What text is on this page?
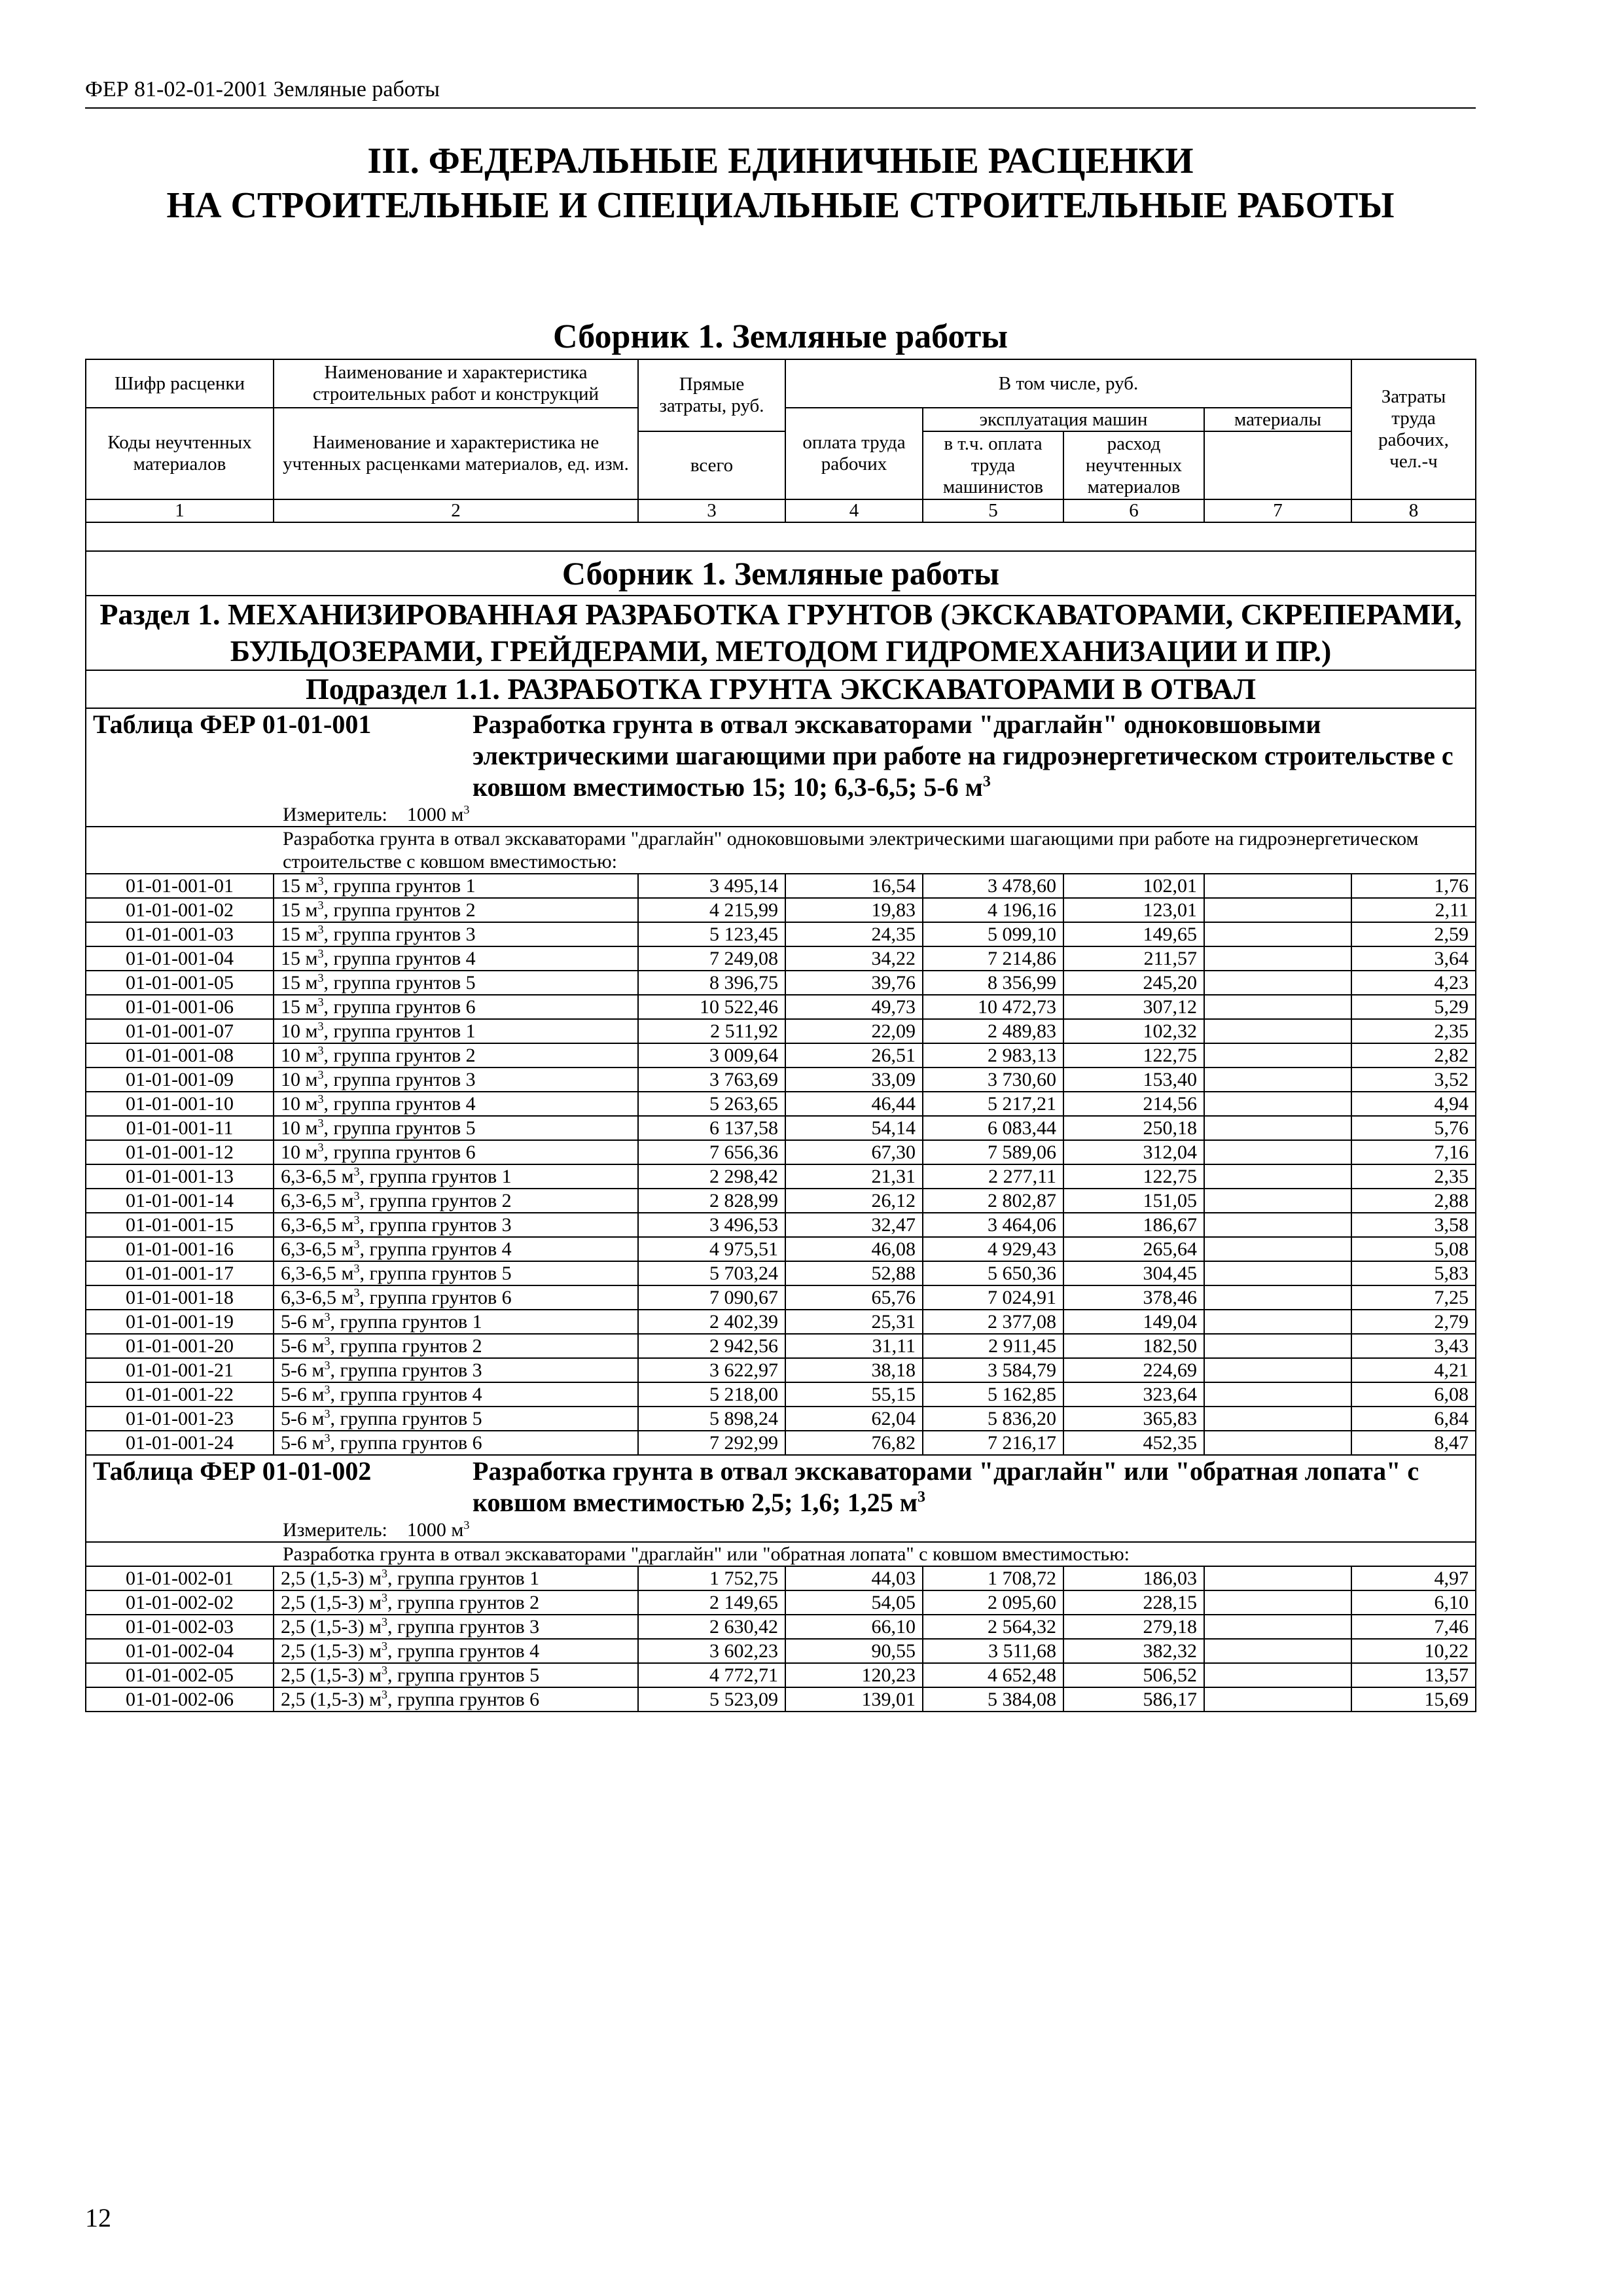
ФЕР 81-02-01-2001 Земляные работы
III. ФЕДЕРАЛЬНЫЕ ЕДИНИЧНЫЕ РАСЦЕНКИ
НА СТРОИТЕЛЬНЫЕ И СПЕЦИАЛЬНЫЕ СТРОИТЕЛЬНЫЕ РАБОТЫ
Сборник 1. Земляные работы
Шифр расценки	Наименование и характеристика строительных работ и конструкций	Прямые затраты, руб.	В том числе, руб.				Затраты труда рабочих, чел.-ч
Коды неучтенных материалов	Наименование и характеристика не учтенных расценками материалов, ед. изм.						
			оплата труда рабочих	эксплуатация машин		материалы	
		всего		в т.ч. оплата труда машинистов	расход неучтенных материалов		
1	2	3	4	5	6	7	8

Сборник 1. Земляные работы							
Раздел 1. МЕХАНИЗИРОВАННАЯ РАЗРАБОТКА ГРУНТОВ (ЭКСКАВАТОРАМИ, СКРЕПЕРАМИ, БУЛЬДОЗЕРАМИ, ГРЕЙДЕРАМИ, МЕТОДОМ ГИДРОМЕХАНИЗАЦИИ И ПР.)							
Подраздел 1.1. РАЗРАБОТКА ГРУНТА ЭКСКАВАТОРАМИ В ОТВАЛ							
Таблица ФЕР 01-01-001 Разработка грунта в отвал экскаваторами "драглайн" одноковшовыми электрическими шагающими при работе на гидроэнергетическом строительстве с ковшом вместимостью 15; 10; 6,3-6,5; 5-6 $м^3$
Измеритель: 1000 $м^3$
Разработка грунта в отвал экскаваторами "драглайн" одноковшовыми электрическими шагающими при работе на гидроэнергетическом строительстве с ковшом вместимостью:							
01-01-001-01	15 $м^3$, группа грунтов 1	3 495,14	16,54	3 478,60	102,01		1,76
01-01-001-02	15 $м^3$, группа грунтов 2	4 215,99	19,83	4 196,16	123,01		2,11
01-01-001-03	15 $м^3$, группа грунтов 3	5 123,45	24,35	5 099,10	149,65		2,59
01-01-001-04	15 $м^3$, группа грунтов 4	7 249,08	34,22	7 214,86	211,57		3,64
01-01-001-05	15 $м^3$, группа грунтов 5	8 396,75	39,76	8 356,99	245,20		4,23
01-01-001-06	15 $м^3$, группа грунтов 6	10 522,46	49,73	10 472,73	307,12		5,29
01-01-001-07	10 $м^3$, группа грунтов 1	2 511,92	22,09	2 489,83	102,32		2,35
01-01-001-08	10 $м^3$, группа грунтов 2	3 009,64	26,51	2 983,13	122,75		2,82
01-01-001-09	10 $м^3$, группа грунтов 3	3 763,69	33,09	3 730,60	153,40		3,52
01-01-001-10	10 $м^3$, группа грунтов 4	5 263,65	46,44	5 217,21	214,56		4,94
01-01-001-11	10 $м^3$, группа грунтов 5	6 137,58	54,14	6 083,44	250,18		5,76
01-01-001-12	10 $м^3$, группа грунтов 6	7 656,36	67,30	7 589,06	312,04		7,16
01-01-001-13	6,3-6,5 $м^3$, группа грунтов 1	2 298,42	21,31	2 277,11	122,75		2,35
01-01-001-14	6,3-6,5 $м^3$, группа грунтов 2	2 828,99	26,12	2 802,87	151,05		2,88
01-01-001-15	6,3-6,5 $м^3$, группа грунтов 3	3 496,53	32,47	3 464,06	186,67		3,58
01-01-001-16	6,3-6,5 $м^3$, группа грунтов 4	4 975,51	46,08	4 929,43	265,64		5,08
01-01-001-17	6,3-6,5 $м^3$, группа грунтов 5	5 703,24	52,88	5 650,36	304,45		5,83
01-01-001-18	6,3-6,5 $м^3$, группа грунтов 6	7 090,67	65,76	7 024,91	378,46		7,25
01-01-001-19	5-6 $м^3$, группа грунтов 1	2 402,39	25,31	2 377,08	149,04		2,79
01-01-001-20	5-6 $м^3$, группа грунтов 2	2 942,56	31,11	2 911,45	182,50		3,43
01-01-001-21	5-6 $м^3$, группа грунтов 3	3 622,97	38,18	3 584,79	224,69		4,21
01-01-001-22	5-6 $м^3$, группа грунтов 4	5 218,00	55,15	5 162,85	323,64		6,08
01-01-001-23	5-6 $м^3$, группа грунтов 5	5 898,24	62,04	5 836,20	365,83		6,84
01-01-001-24	5-6 $м^3$, группа грунтов 6	7 292,99	76,82	7 216,17	452,35		8,47
Таблица ФЕР 01-01-002 Разработка грунта в отвал экскаваторами "драглайн" или "обратная лопата" с ковшом вместимостью 2,5; 1,6; 1,25 $м^3$
Измеритель: 1000 $м^3$
Разработка грунта в отвал экскаваторами "драглайн" или "обратная лопата" с ковшом вместимостью:							
01-01-002-01	2,5 (1,5-3) $м^3$, группа грунтов 1	1 752,75	44,03	1 708,72	186,03		4,97
01-01-002-02	2,5 (1,5-3) $м^3$, группа грунтов 2	2 149,65	54,05	2 095,60	228,15		6,10
01-01-002-03	2,5 (1,5-3) $м^3$, группа грунтов 3	2 630,42	66,10	2 564,32	279,18		7,46
01-01-002-04	2,5 (1,5-3) $м^3$, группа грунтов 4	3 602,23	90,55	3 511,68	382,32		10,22
01-01-002-05	2,5 (1,5-3) $м^3$, группа грунтов 5	4 772,71	120,23	4 652,48	506,52		13,57
01-01-002-06	2,5 (1,5-3) $м^3$, группа грунтов 6	5 523,09	139,01	5 384,08	586,17		15,69
12
